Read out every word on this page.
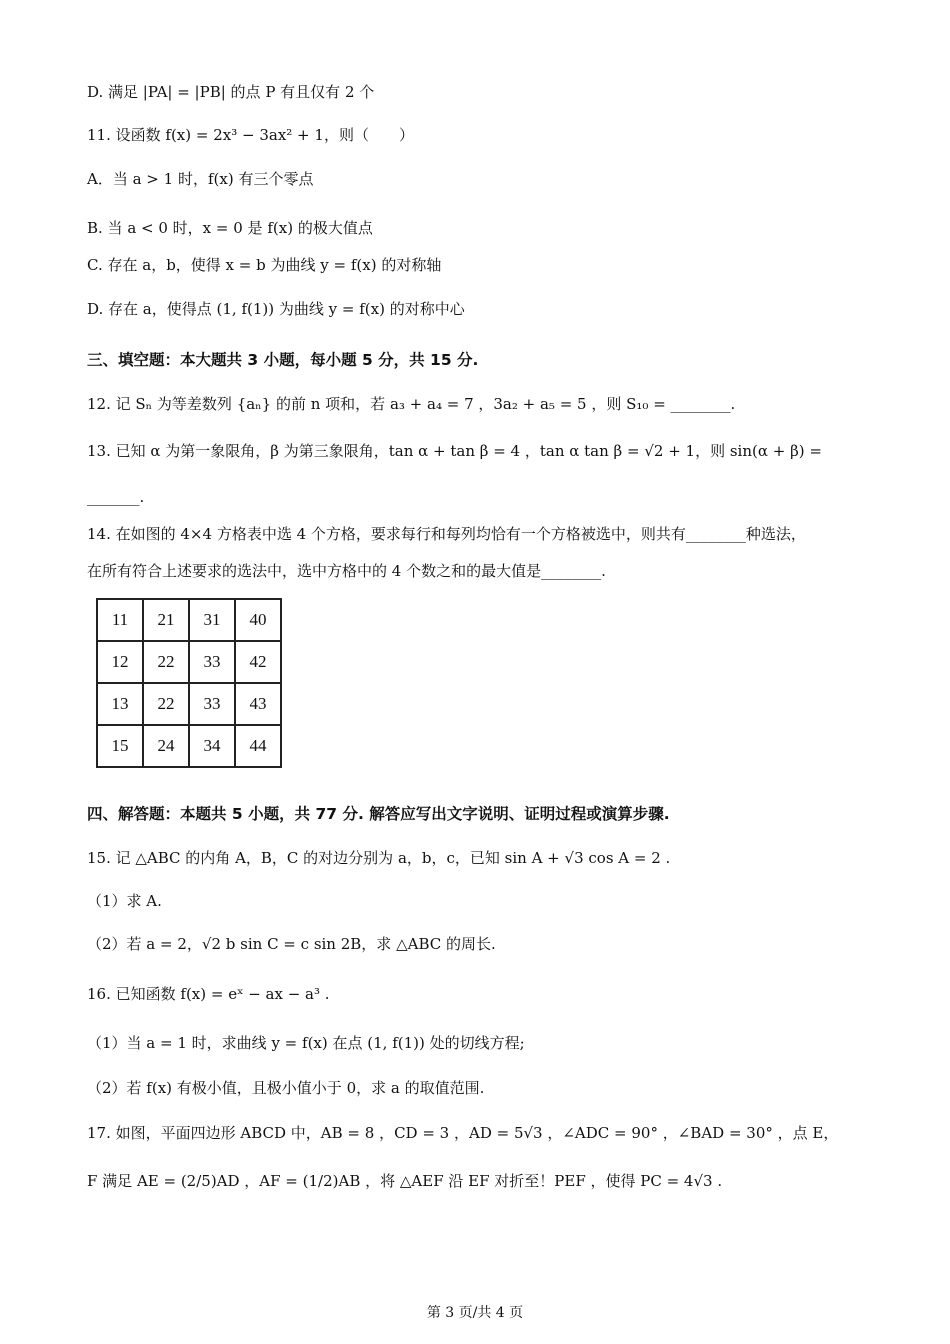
D. 满足 |PA| = |PB| 的点 P 有且仅有 2 个
11. 设函数 f(x) = 2x³ − 3ax² + 1，则（　　）
A．当 a > 1 时，f(x) 有三个零点
B. 当 a < 0 时，x = 0 是 f(x) 的极大值点
C. 存在 a，b，使得 x = b 为曲线 y = f(x) 的对称轴
D. 存在 a，使得点 (1, f(1)) 为曲线 y = f(x) 的对称中心
三、填空题：本大题共 3 小题，每小题 5 分，共 15 分.
12. 记 Sₙ 为等差数列 {aₙ} 的前 n 项和，若 a₃ + a₄ = 7 ，3a₂ + a₅ = 5 ，则 S₁₀ = ________.
13. 已知 α 为第一象限角，β 为第三象限角，tan α + tan β = 4 ，tan α tan β = √2 + 1，则 sin(α + β) =
_______.
14. 在如图的 4×4 方格表中选 4 个方格，要求每行和每列均恰有一个方格被选中，则共有________种选法，
在所有符合上述要求的选法中，选中方格中的 4 个数之和的最大值是________.
11	21	31	40
12	22	33	42
13	22	33	43
15	24	34	44
四、解答题：本题共 5 小题，共 77 分. 解答应写出文字说明、证明过程或演算步骤.
15. 记 △ABC 的内角 A，B，C 的对边分别为 a，b，c，已知 sin A + √3 cos A = 2 .
（1）求 A.
（2）若 a = 2，√2 b sin C = c sin 2B，求 △ABC 的周长.
16. 已知函数 f(x) = eˣ − ax − a³ .
（1）当 a = 1 时，求曲线 y = f(x) 在点 (1, f(1)) 处的切线方程;
（2）若 f(x) 有极小值，且极小值小于 0，求 a 的取值范围.
17. 如图，平面四边形 ABCD 中，AB = 8 ，CD = 3 ，AD = 5√3 ，∠ADC = 90° ，∠BAD = 30° ，点 E，
F 满足 AE = (2/5)AD ，AF = (1/2)AB ，将 △AEF 沿 EF 对折至！PEF ，使得 PC = 4√3 .
第 3 页/共 4 页
